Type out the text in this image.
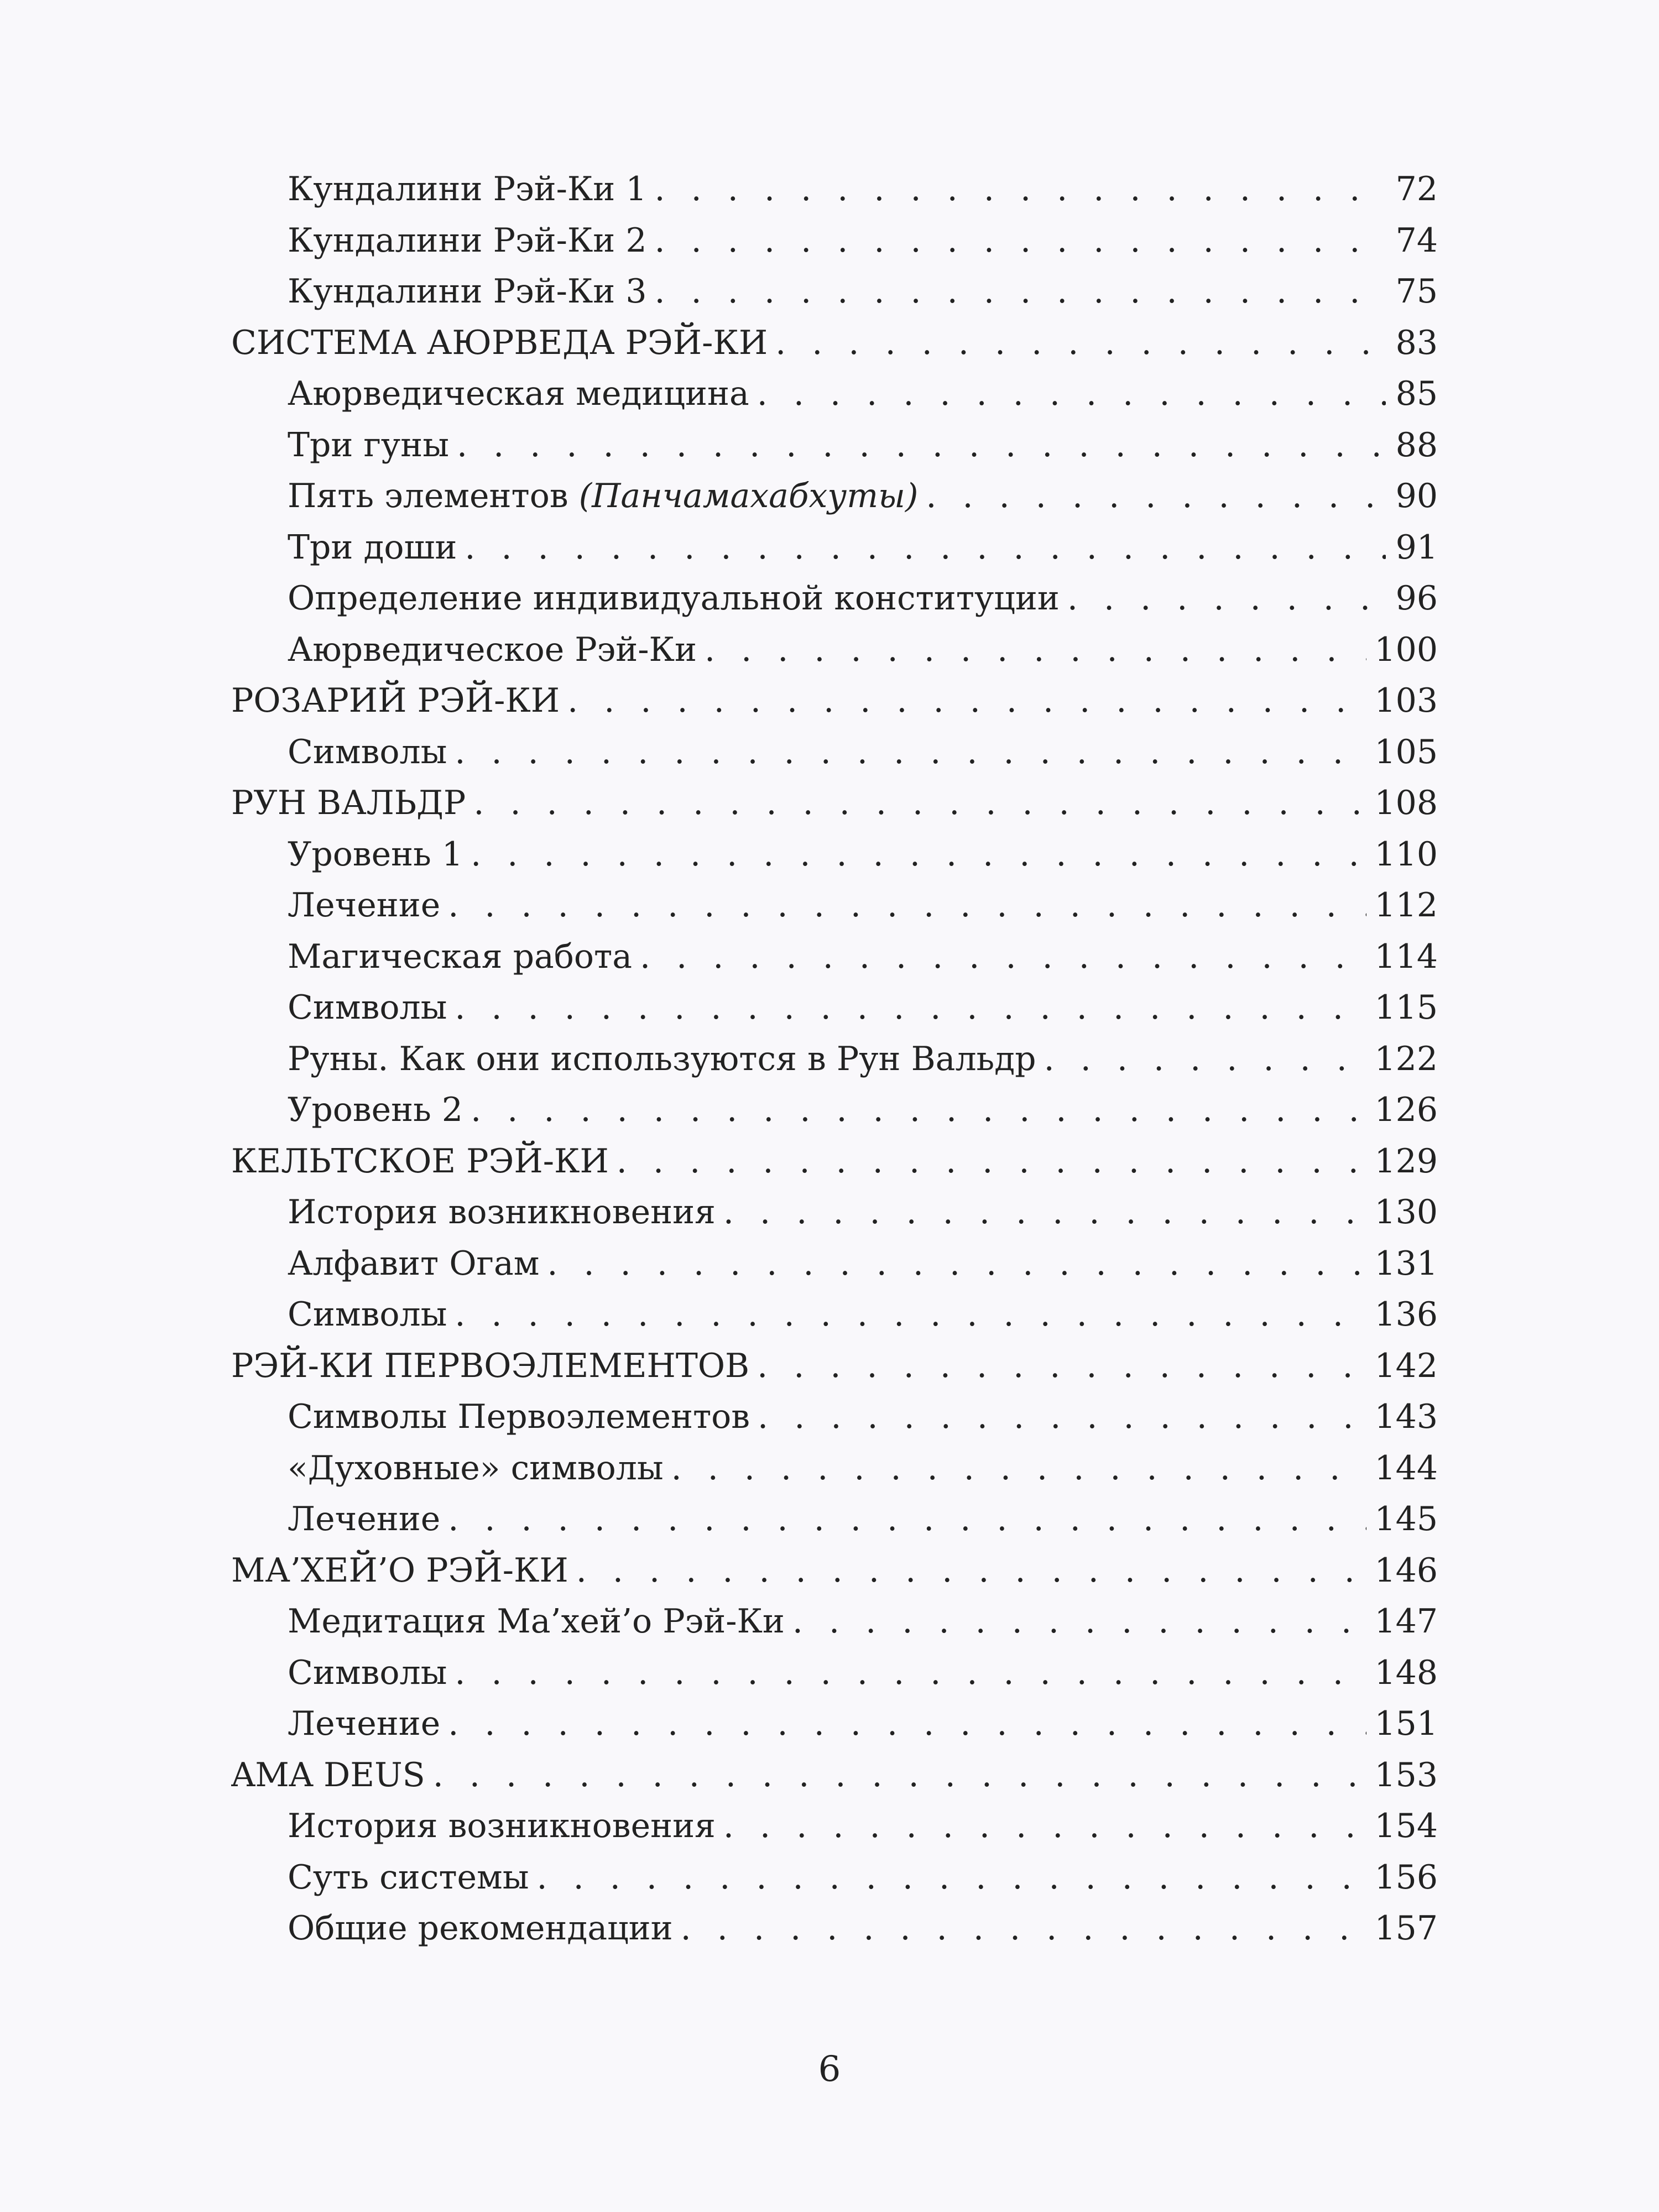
Кундалини Рэй-Ки 1 . . .	72
Кундалини Рэй-Ки 2 . . .	74
Кундалини Рэй-Ки 3 . . .	75
СИСТЕМА АЮРВЕДА РЭЙ-КИ . . .	83
Аюрведическая медицина . . .	85
Три гуны . . .	88
Пять элементов (Панчамахабхуты) . . .	90
Три доши . . .	91
Определение индивидуальной конституции . . .	96
Аюрведическое Рэй-Ки . . .	100
РОЗАРИЙ РЭЙ-КИ . . .	103
Символы . . .	105
РУН ВАЛЬДР . . .	108
Уровень 1 . . .	110
Лечение . . .	112
Магическая работа . . .	114
Символы . . .	115
Руны. Как они используются в Рун Вальдр . . .	122
Уровень 2 . . .	126
КЕЛЬТСКОЕ РЭЙ-КИ . . .	129
История возникновения . . .	130
Алфавит Огам . . .	131
Символы . . .	136
РЭЙ-КИ ПЕРВОЭЛЕМЕНТОВ . . .	142
Символы Первоэлементов . . .	143
«Духовные» символы . . .	144
Лечение . . .	145
МА’ХЕЙ’О РЭЙ-КИ . . .	146
Медитация Ма’хей’о Рэй-Ки . . .	147
Символы . . .	148
Лечение . . .	151
AMA DEUS . . .	153
История возникновения . . .	154
Суть системы . . .	156
Общие рекомендации . . .	157
6
